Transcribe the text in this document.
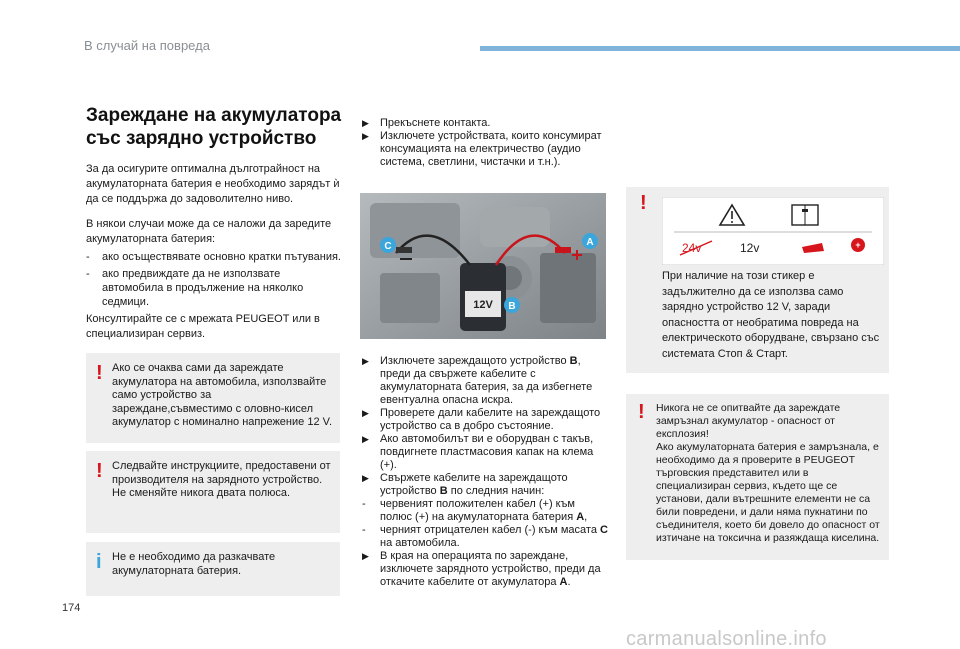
В случай на повреда
Зареждане на акумулатора
със зарядно устройство
За да осигурите оптимална дълготрайност на акумулаторната батерия е необходимо зарядът ѝ да се поддържа до задоволително ниво.
В някои случаи може да се наложи да заредите акумулаторната батерия:
-	ако осъществявате основно кратки пътувания.
-	ако предвиждате да не използвате автомобила в продължение на няколко седмици.
Консултирайте се с мрежата PEUGEOT или в специализиран сервиз.
! Ако се очаква сами да зареждате акумулатора на автомобила, използвайте само устройство за зареждане,съвместимо с оловно-кисел акумулатор с номинално напрежение 12 V.
! Следвайте инструкциите, предоставени от производителя на зарядното устройство.
Не сменяйте никога двата полюса.
i Не е необходимо да разкачвате акумулаторната батерия.
▶	Прекъснете контакта.
▶	Изключете устройствата, които консумират консумацията на електричество (аудио система, светлини, чистачки и т.н.).
12V
C	A
B
▶	Изключете зареждащото устройство B, преди да свържете кабелите с акумулаторната батерия, за да избегнете евентуална опасна искра.
▶	Проверете дали кабелите на зареждащото устройство са в добро състояние.
▶	Ако автомобилът ви е оборудван с такъв, повдигнете пластмасовия капак на клема (+).
▶	Свържете кабелите на зареждащото устройство B по следния начин:
-	червеният положителен кабел (+) към полюс (+) на акумулаторната батерия A,
-	черният отрицателен кабел (-) към масата C на автомобила.
▶	В края на операцията по зареждане, изключете зарядното устройство, преди да откачите кабелите от акумулатора A.
!
24v	12v	+
При наличие на този стикер е задължително да се използва само зарядно устройство 12 V, заради опасността от необратима повреда на електрическото оборудване, свързано със системата Стоп & Старт.
! Никога не се опитвайте да зареждате замръзнал акумулатор - опасност от експлозия!
Ако акумулаторната батерия е замръзнала, е необходимо да я проверите в PEUGEOT търговския представител или в специализиран сервиз, където ще се установи, дали вътрешните елементи не са били повредени, и дали няма пукнатини по съединителя, което би довело до опасност от изтичане на токсична и разяждаща киселина.
174
carmanualsonline.info
